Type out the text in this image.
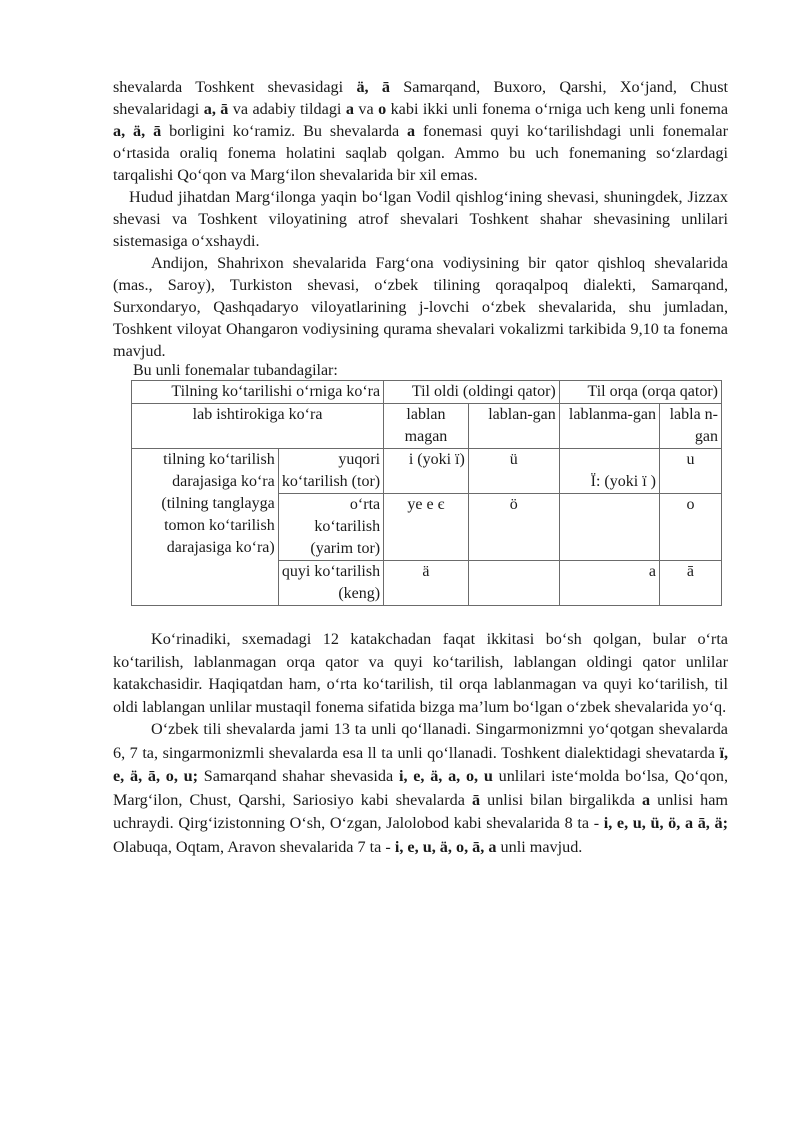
shevalarda Toshkent shevasidagi ä, ā Samarqand, Buxoro, Qarshi, Xo‘jand, Chust shevalaridagi a, ā va adabiy tildagi a va o kabi ikki unli fonema o‘rniga uch keng unli fonema a, ä, ā borligini ko‘ramiz. Bu shevalarda a fonemasi quyi ko‘tarilishdagi unli fonemalar o‘rtasida oraliq fonema holatini saqlab qolgan. Ammo bu uch fonemaning so‘zlardagi tarqalishi Qo‘qon va Marg‘ilon shevalarida bir xil emas.

Hudud jihatdan Marg‘ilonga yaqin bo‘lgan Vodil qishlog‘ining shevasi, shuningdek, Jizzax shevasi va Toshkent viloyatining atrof shevalari Toshkent shahar shevasining unlilari sistemasiga o‘xshaydi.

Andijon, Shahrixon shevalarida Farg‘ona vodiysining bir qator qishloq shevalarida (mas., Saroy), Turkiston shevasi, o‘zbek tilining qoraqalpoq dialekti, Samarqand, Surxondaryo, Qashqadaryo viloyatlarining j-lovchi o‘zbek shevalarida, shu jumladan, Toshkent viloyat Ohangaron vodiysining qurama shevalari vokalizmi tarkibida 9,10 ta fonema mavjud.

Bu unli fonemalar tubandagilar:

Tilning ko‘tarilishi o‘rniga ko‘ra		Til oldi (oldingi qator)		Til orqa (orqa qator)	
lab ishtirokiga ko‘ra		lablan magan	lablan-gan	lablanma-gan	labla n-gan
tilning ko‘tarilish darajasiga ko‘ra (tilning tanglayga tomon ko‘tarilish darajasiga ko‘ra)	yuqori ko‘tarilish (tor)	i (yoki ï)	ü	Ï: (yoki ï )	u
	o‘rta ko‘tarilish (yarim tor)	ye e є	ö		o
	quyi ko‘tarilish (keng)	ä		a	ā

Ko‘rinadiki, sxemadagi 12 katakchadan faqat ikkitasi bo‘sh qolgan, bular o‘rta ko‘tarilish, lablanmagan orqa qator va quyi ko‘tarilish, lablangan oldingi qator unlilar katakchasidir. Haqiqatdan ham, o‘rta ko‘tarilish, til orqa lablanmagan va quyi ko‘tarilish, til oldi lablangan unlilar mustaqil fonema sifatida bizga ma’lum bo‘lgan o‘zbek shevalarida yo‘q.

O‘zbek tili shevalarda jami 13 ta unli qo‘llanadi. Singarmonizmni yo‘qotgan shevalarda 6, 7 ta, singarmonizmli shevalarda esa ll ta unli qo‘llanadi. Toshkent dialektidagi shevatarda ï, e, ä, ā, o, u; Samarqand shahar shevasida i, e, ä, a, o, u unlilari iste‘molda bo‘lsa, Qo‘qon, Marg‘ilon, Chust, Qarshi, Sariosiyo kabi shevalarda ā unlisi bilan birgalikda a unlisi ham uchraydi. Qirg‘izistonning O‘sh, O‘zgan, Jalolobod kabi shevalarida 8 ta - i, e, u, ü, ö, a ā, ä; Olabuqa, Oqtam, Aravon shevalarida 7 ta - i, e, u, ä, o, ā, a unli mavjud.
